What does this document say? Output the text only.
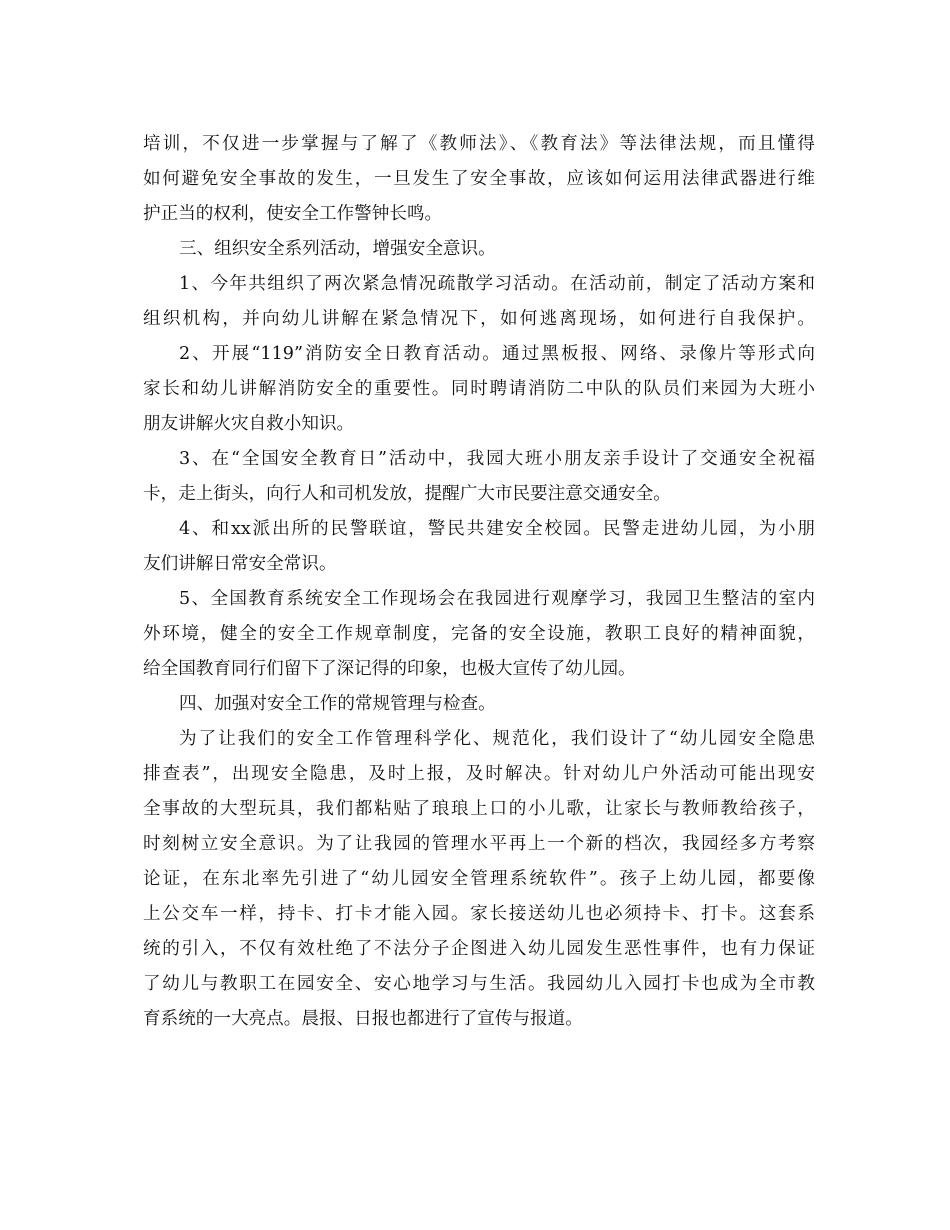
培训，不仅进一步掌握与了解了《教师法》、《教育法》等法律法规，而且懂得
如何避免安全事故的发生，一旦发生了安全事故，应该如何运用法律武器进行维
护正当的权利，使安全工作警钟长鸣。
三、组织安全系列活动，增强安全意识。
1、今年共组织了两次紧急情况疏散学习活动。在活动前，制定了活动方案和
组织机构，并向幼儿讲解在紧急情况下，如何逃离现场，如何进行自我保护。
2、开展“119”消防安全日教育活动。通过黑板报、网络、录像片等形式向
家长和幼儿讲解消防安全的重要性。同时聘请消防二中队的队员们来园为大班小
朋友讲解火灾自救小知识。
3、在“全国安全教育日”活动中，我园大班小朋友亲手设计了交通安全祝福
卡，走上街头，向行人和司机发放，提醒广大市民要注意交通安全。
4、和xx派出所的民警联谊，警民共建安全校园。民警走进幼儿园，为小朋
友们讲解日常安全常识。
5、全国教育系统安全工作现场会在我园进行观摩学习，我园卫生整洁的室内
外环境，健全的安全工作规章制度，完备的安全设施，教职工良好的精神面貌，
给全国教育同行们留下了深记得的印象，也极大宣传了幼儿园。
四、加强对安全工作的常规管理与检查。
为了让我们的安全工作管理科学化、规范化，我们设计了“幼儿园安全隐患
排查表”，出现安全隐患，及时上报，及时解决。针对幼儿户外活动可能出现安
全事故的大型玩具，我们都粘贴了琅琅上口的小儿歌，让家长与教师教给孩子，
时刻树立安全意识。为了让我园的管理水平再上一个新的档次，我园经多方考察
论证，在东北率先引进了“幼儿园安全管理系统软件”。孩子上幼儿园，都要像
上公交车一样，持卡、打卡才能入园。家长接送幼儿也必须持卡、打卡。这套系
统的引入，不仅有效杜绝了不法分子企图进入幼儿园发生恶性事件，也有力保证
了幼儿与教职工在园安全、安心地学习与生活。我园幼儿入园打卡也成为全市教
育系统的一大亮点。晨报、日报也都进行了宣传与报道。
